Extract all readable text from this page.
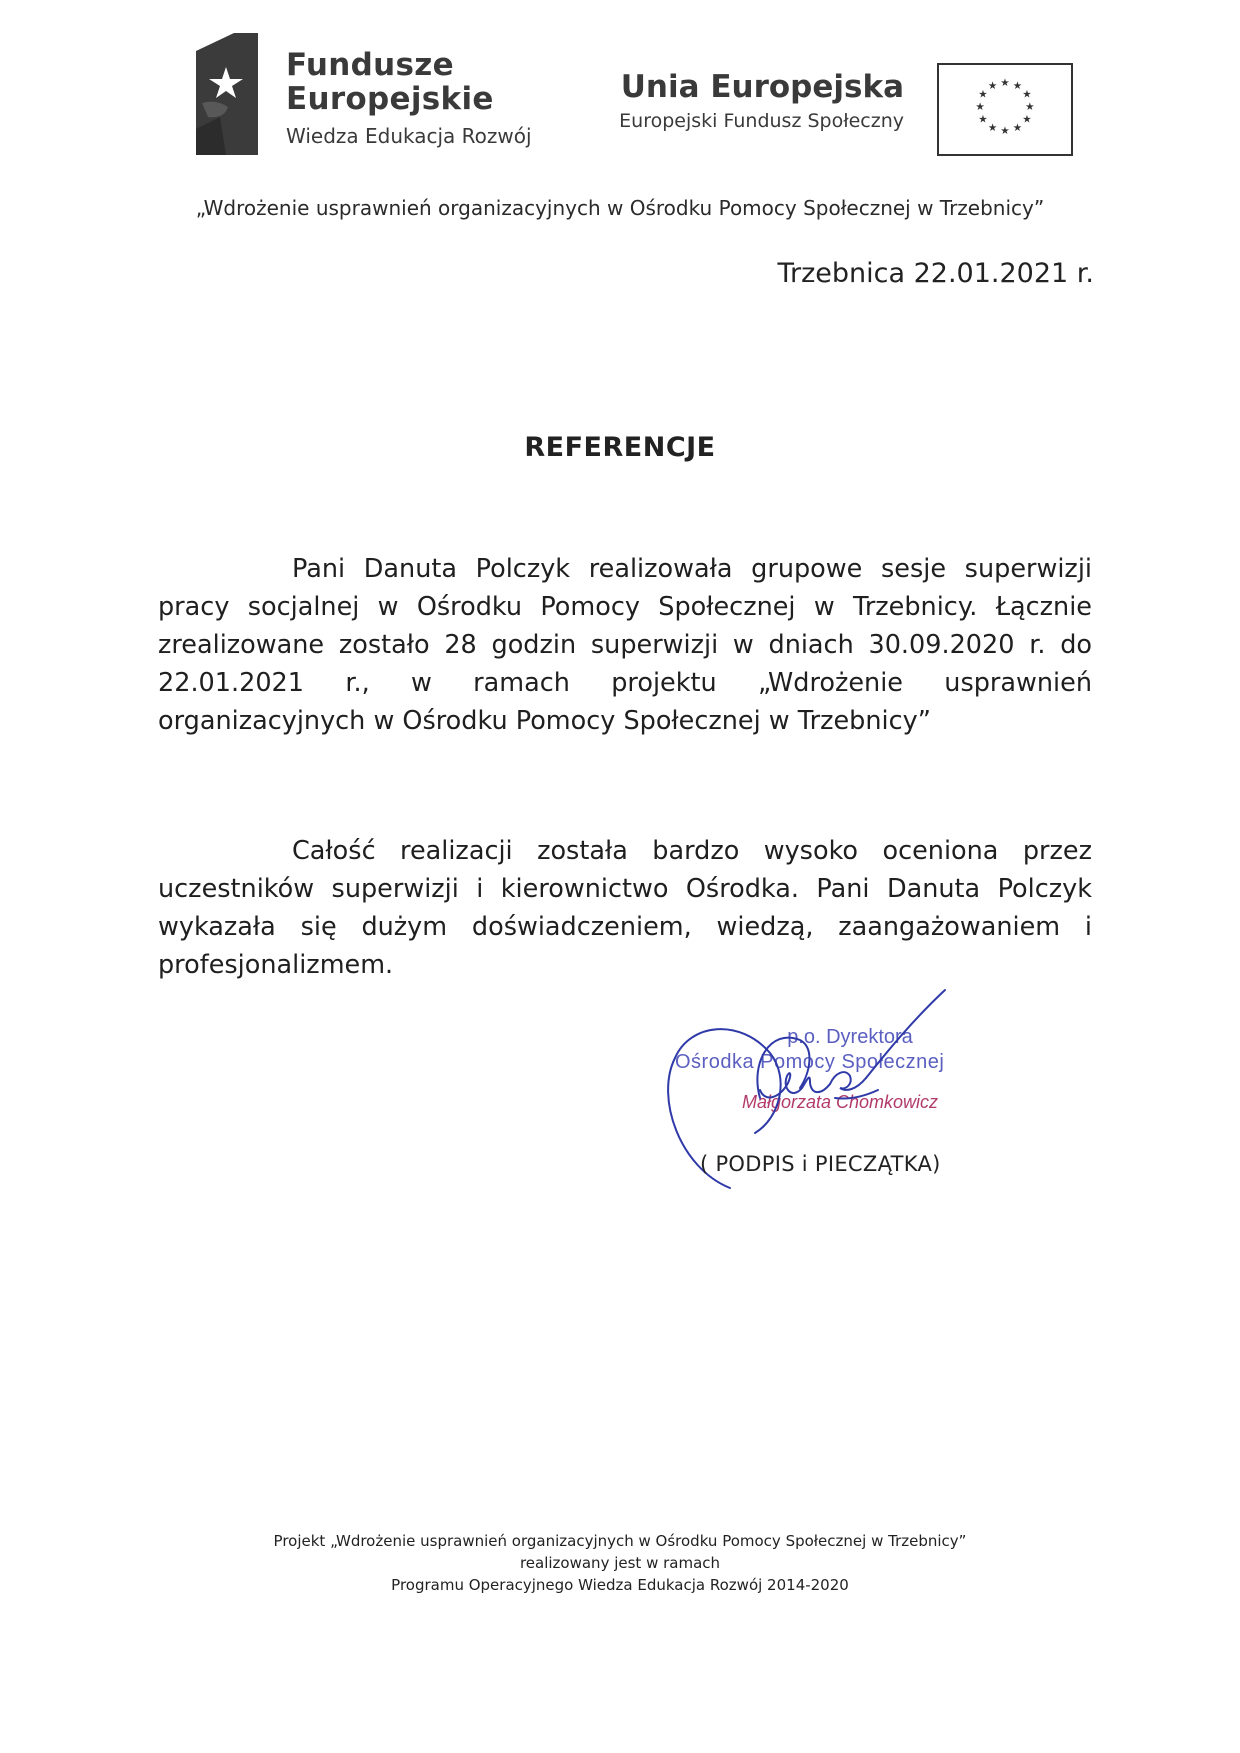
Fundusze
Europejskie
Wiedza Edukacja Rozwój
Unia Europejska
Europejski Fundusz Społeczny
★ ★
★
★
★
★
★
★
★
★
★
★
„Wdrożenie usprawnień organizacyjnych w Ośrodku Pomocy Społecznej w Trzebnicy”
Trzebnica 22.01.2021 r.
REFERENCJE

Pani Danuta Polczyk realizowała grupowe sesje superwizji pracy socjalnej w Ośrodku Pomocy Społecznej w Trzebnicy. Łącznie zrealizowane zostało 28 godzin superwizji w dniach 30.09.2020 r. do 22.01.2021 r., w ramach projektu „Wdrożenie usprawnień organizacyjnych w Ośrodku Pomocy Społecznej w Trzebnicy”

Całość realizacji została bardzo wysoko oceniona przez uczestników superwizji i kierownictwo Ośrodka. Pani Danuta Polczyk wykazała się dużym doświadczeniem, wiedzą, zaangażowaniem i profesjonalizmem.

p.o. Dyrektora
Ośrodka Pomocy Społecznej
Małgorzata Chomkowicz
( PODPIS i PIECZĄTKA)
Projekt „Wdrożenie usprawnień organizacyjnych w Ośrodku Pomocy Społecznej w Trzebnicy”
realizowany jest w ramach
Programu Operacyjnego Wiedza Edukacja Rozwój 2014-2020
